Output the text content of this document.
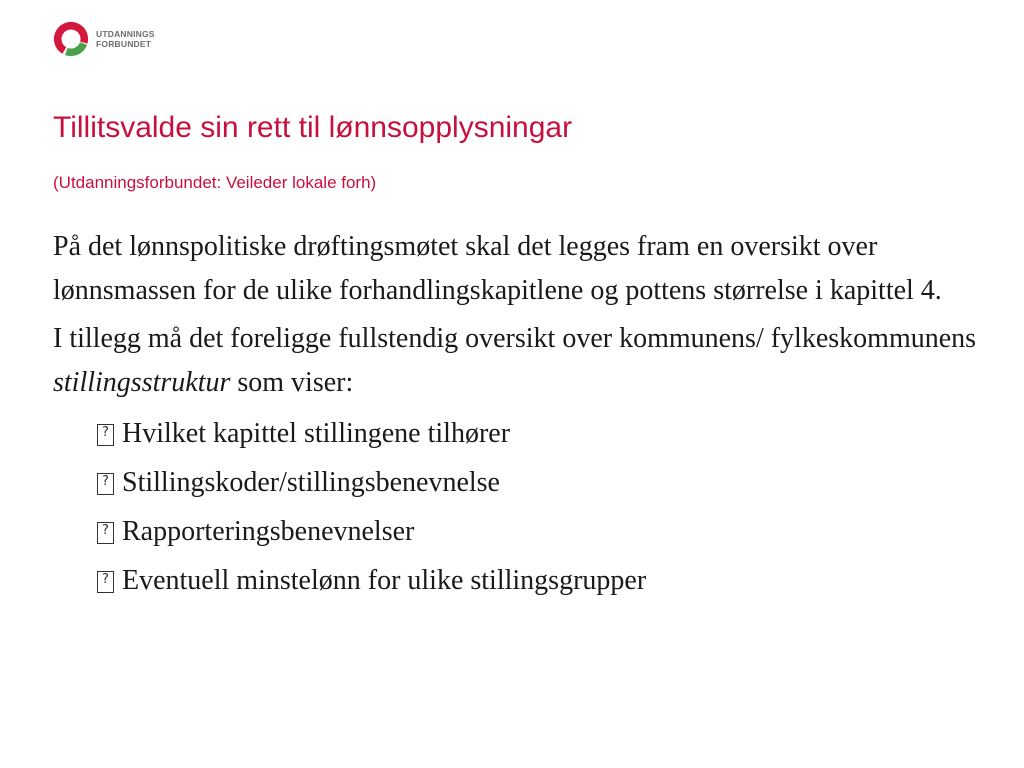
UTDANNINGS
FORBUNDET
Tillitsvalde sin rett til lønnsopplysningar

(Utdanningsforbundet: Veileder lokale forh)

På det lønnspolitiske drøftingsmøtet skal det legges fram en oversikt over lønnsmassen for de ulike forhandlingskapitlene og pottens størrelse i kapittel 4.

I tillegg må det foreligge fullstendig oversikt over kommunens/ fylkeskommunens stillingsstruktur som viser:

?
Hvilket kapittel stillingene tilhører
?
Stillingskoder/stillingsbenevnelse
?
Rapporteringsbenevnelser
?
Eventuell minstelønn for ulike stillingsgrupper
